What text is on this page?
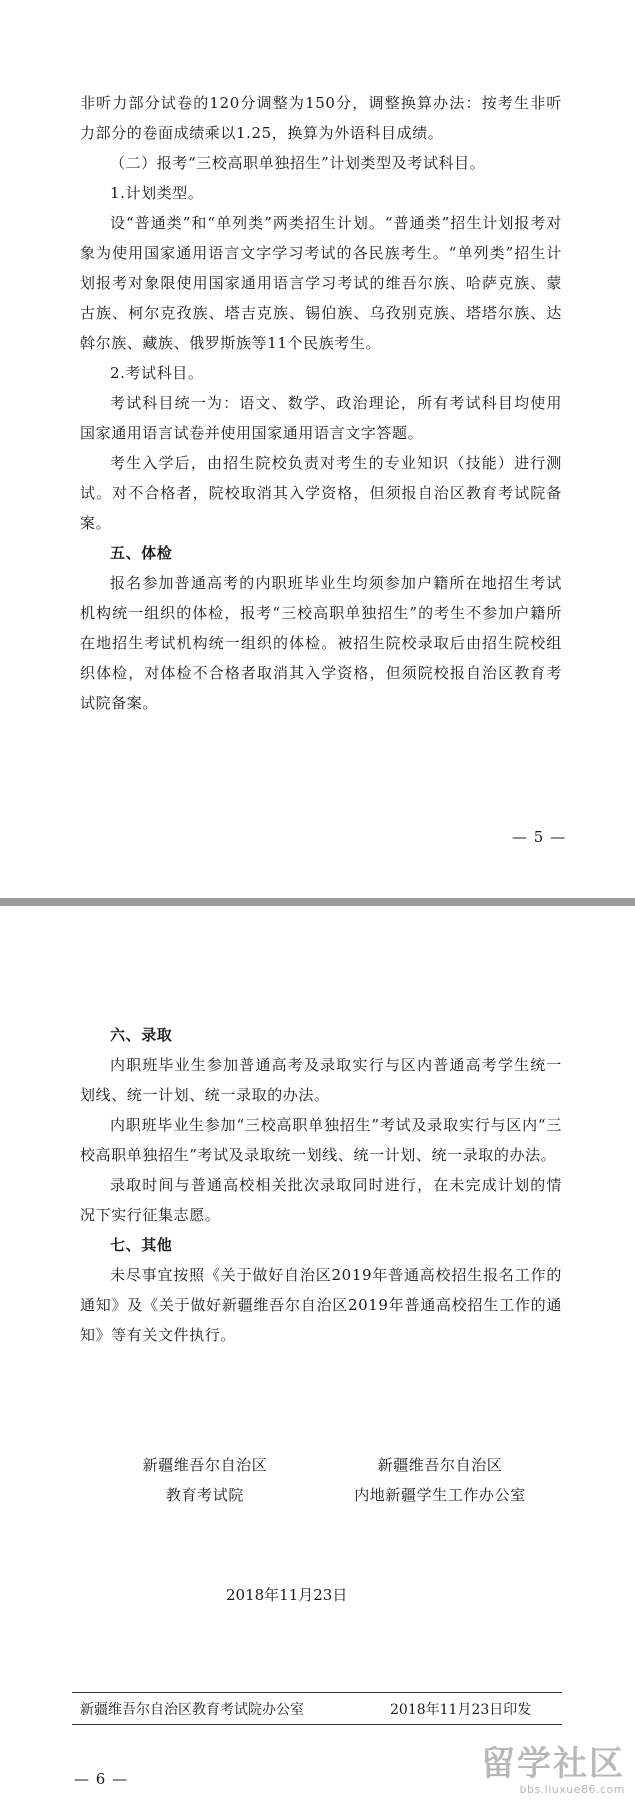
非听力部分试卷的120分调整为150分，调整换算办法：按考生非听力部分的卷面成绩乘以1.25，换算为外语科目成绩。

（二）报考“三校高职单独招生”计划类型及考试科目。

1.计划类型。

设“普通类”和“单列类”两类招生计划。“普通类”招生计划报考对象为使用国家通用语言文字学习考试的各民族考生。“单列类”招生计划报考对象限使用国家通用语言学习考试的维吾尔族、哈萨克族、蒙古族、柯尔克孜族、塔吉克族、锡伯族、乌孜别克族、塔塔尔族、达斡尔族、藏族、俄罗斯族等11个民族考生。

2.考试科目。

考试科目统一为：语文、数学、政治理论，所有考试科目均使用国家通用语言试卷并使用国家通用语言文字答题。

考生入学后，由招生院校负责对考生的专业知识（技能）进行测试。对不合格者，院校取消其入学资格，但须报自治区教育考试院备案。

五、体检

报名参加普通高考的内职班毕业生均须参加户籍所在地招生考试机构统一组织的体检，报考“三校高职单独招生”的考生不参加户籍所在地招生考试机构统一组织的体检。被招生院校录取后由招生院校组织体检，对体检不合格者取消其入学资格，但须院校报自治区教育考试院备案。

— 5 —

六、录取

内职班毕业生参加普通高考及录取实行与区内普通高考学生统一划线、统一计划、统一录取的办法。

内职班毕业生参加“三校高职单独招生”考试及录取实行与区内“三校高职单独招生”考试及录取统一划线、统一计划、统一录取的办法。

录取时间与普通高校相关批次录取同时进行，在未完成计划的情况下实行征集志愿。

七、其他

未尽事宜按照《关于做好自治区2019年普通高校招生报名工作的通知》及《关于做好新疆维吾尔自治区2019年普通高校招生工作的通知》等有关文件执行。

新疆维吾尔自治区
教育考试院
新疆维吾尔自治区
内地新疆学生工作办公室
2018年11月23日
新疆维吾尔自治区教育考试院办公室	2018年11月23日印发
— 6 —	留学社区
bbs.liuxue86.com
